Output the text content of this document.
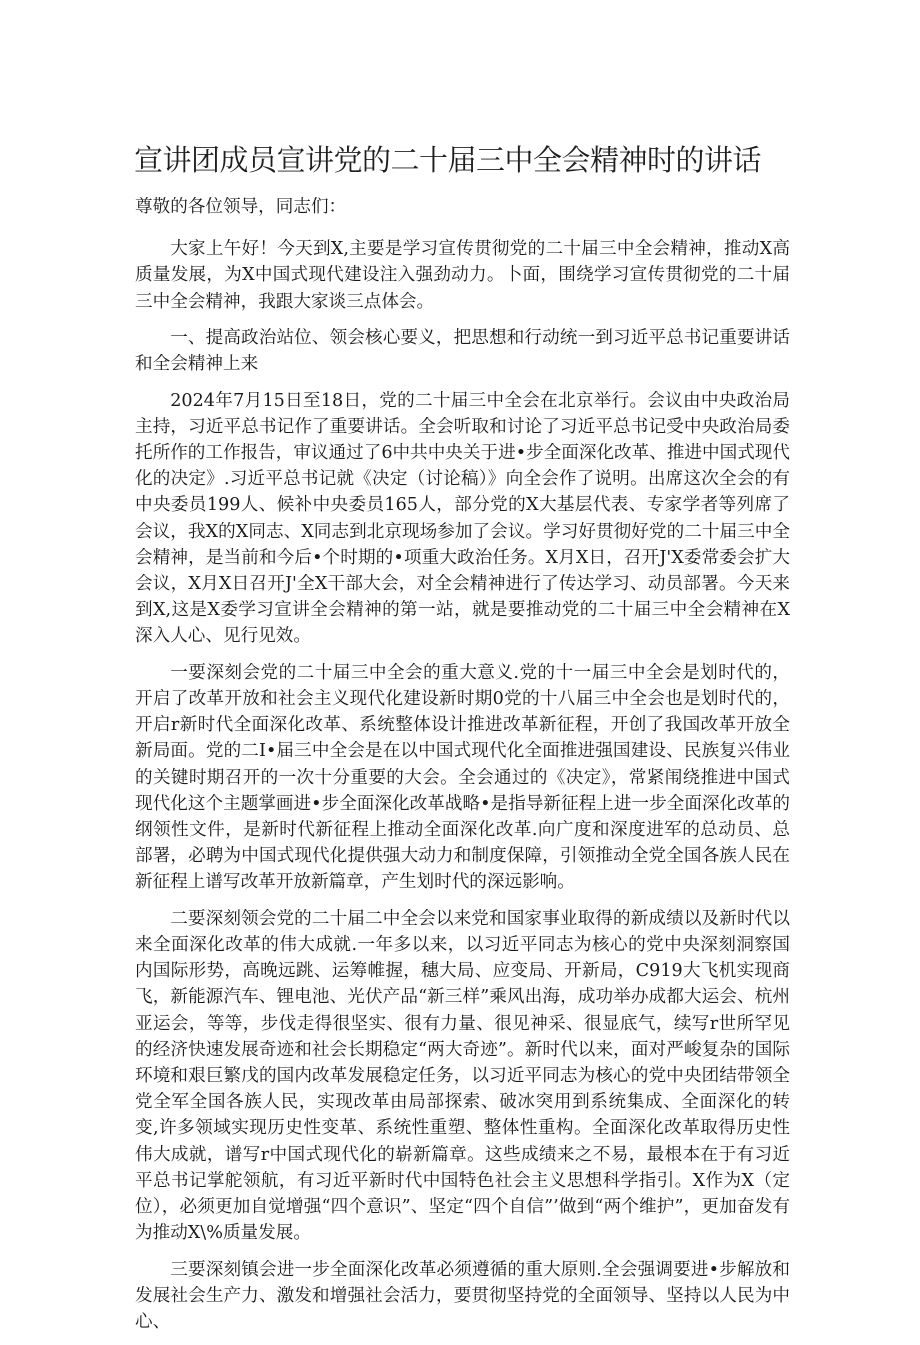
宣讲团成员宣讲党的二十届三中全会精神时的讲话

尊敬的各位领导，同志们：

大家上午好！今天到X,主要是学习宣传贯彻党的二十届三中全会精神，推动X高质量发展，为X中国式现代建设注入强劲动力。卜面，围绕学习宣传贯彻党的二十届三中全会精神，我跟大家谈三点体会。

一、提高政治站位、领会核心要义，把思想和行动统一到习近平总书记重要讲话和全会精神上来

2024年7月15日至18日，党的二十届三中全会在北京举行。会议由中央政治局主持，习近平总书记作了重要讲话。全会听取和讨论了习近平总书记受中央政治局委托所作的工作报告，审议通过了6中共中央关于进•步全面深化改革、推进中国式现代化的决定》.习近平总书记就《决定（讨论稿）》向全会作了说明。出席这次全会的有中央委员199人、候补中央委员165人，部分党的X大基层代表、专家学者等列席了会议，我X的X同志、X同志到北京现场参加了会议。学习好贯彻好党的二十届三中全会精神，是当前和今后•个时期的•项重大政治任务。X月X日，召开J'X委常委会扩大会议，X月X日召开J'全X干部大会，对全会精神进行了传达学习、动员部署。今天来到X,这是X委学习宣讲全会精神的第一站，就是要推动党的二十届三中全会精神在X深入人心、见行见效。

一要深刻会党的二十届三中全会的重大意义.党的十一届三中全会是划时代的，开启了改革开放和社会主义现代化建设新时期0党的十八届三中全会也是划时代的，开启r新时代全面深化改革、系统整体设计推进改革新征程，开创了我国改革开放全新局面。党的二I•届三中全会是在以中国式现代化全面推进强国建设、民族复兴伟业的关键时期召开的一次十分重要的大会。全会通过的《决定》，常紧闱绕推进中国式现代化这个主题掌画进•步全面深化改革战略•是指导新征程上进一步全面深化改革的纲领性文件，是新时代新征程上推动全面深化改革.向广度和深度进军的总动员、总部署，必聘为中国式现代化提供强大动力和制度保障，引领推动全党全国各族人民在新征程上谱写改革开放新篇章，产生划时代的深远影响。

二要深刻领会党的二十届二中全会以来党和国家事业取得的新成绩以及新时代以来全面深化改革的伟大成就.一年多以来，以习近平同志为核心的党中央深刻洞察国内国际形势，高晚远跳、运筹帷握，穗大局、应变局、开新局，C919大飞机实现商飞，新能源汽车、锂电池、光伏产品“新三样”乘风出海，成功举办成都大运会、杭州亚运会，等等，步伐走得很坚实、很有力量、很见神采、很显底气，续写r世所罕见的经济快速发展奇迹和社会长期稳定“两大奇迹”。新时代以来，面对严峻复杂的国际环境和艰巨繁戊的国内改革发展稳定任务，以习近平同志为核心的党中央团结带领全党全军全国各族人民，实现改革由局部探索、破冰突用到系统集成、全面深化的转变,许多领域实现历史性变革、系统性重塑、整体性重构。全面深化改革取得历史性伟大成就，谱写r中国式现代化的崭新篇章。这些成绩来之不易，最根本在于有习近平总书记掌舵领航，有习近平新时代中国特色社会主义思想科学指引。X作为X（定位），必须更加自觉增强“四个意识”、坚定“四个自信”’做到“两个维护”，更加奋发有为推动X\%质量发展。

三要深刻镇会进一步全面深化改革必须遵循的重大原则.全会强调要进•步解放和发展社会生产力、激发和增强社会活力，要贯彻坚持党的全面领导、坚持以人民为中心、
